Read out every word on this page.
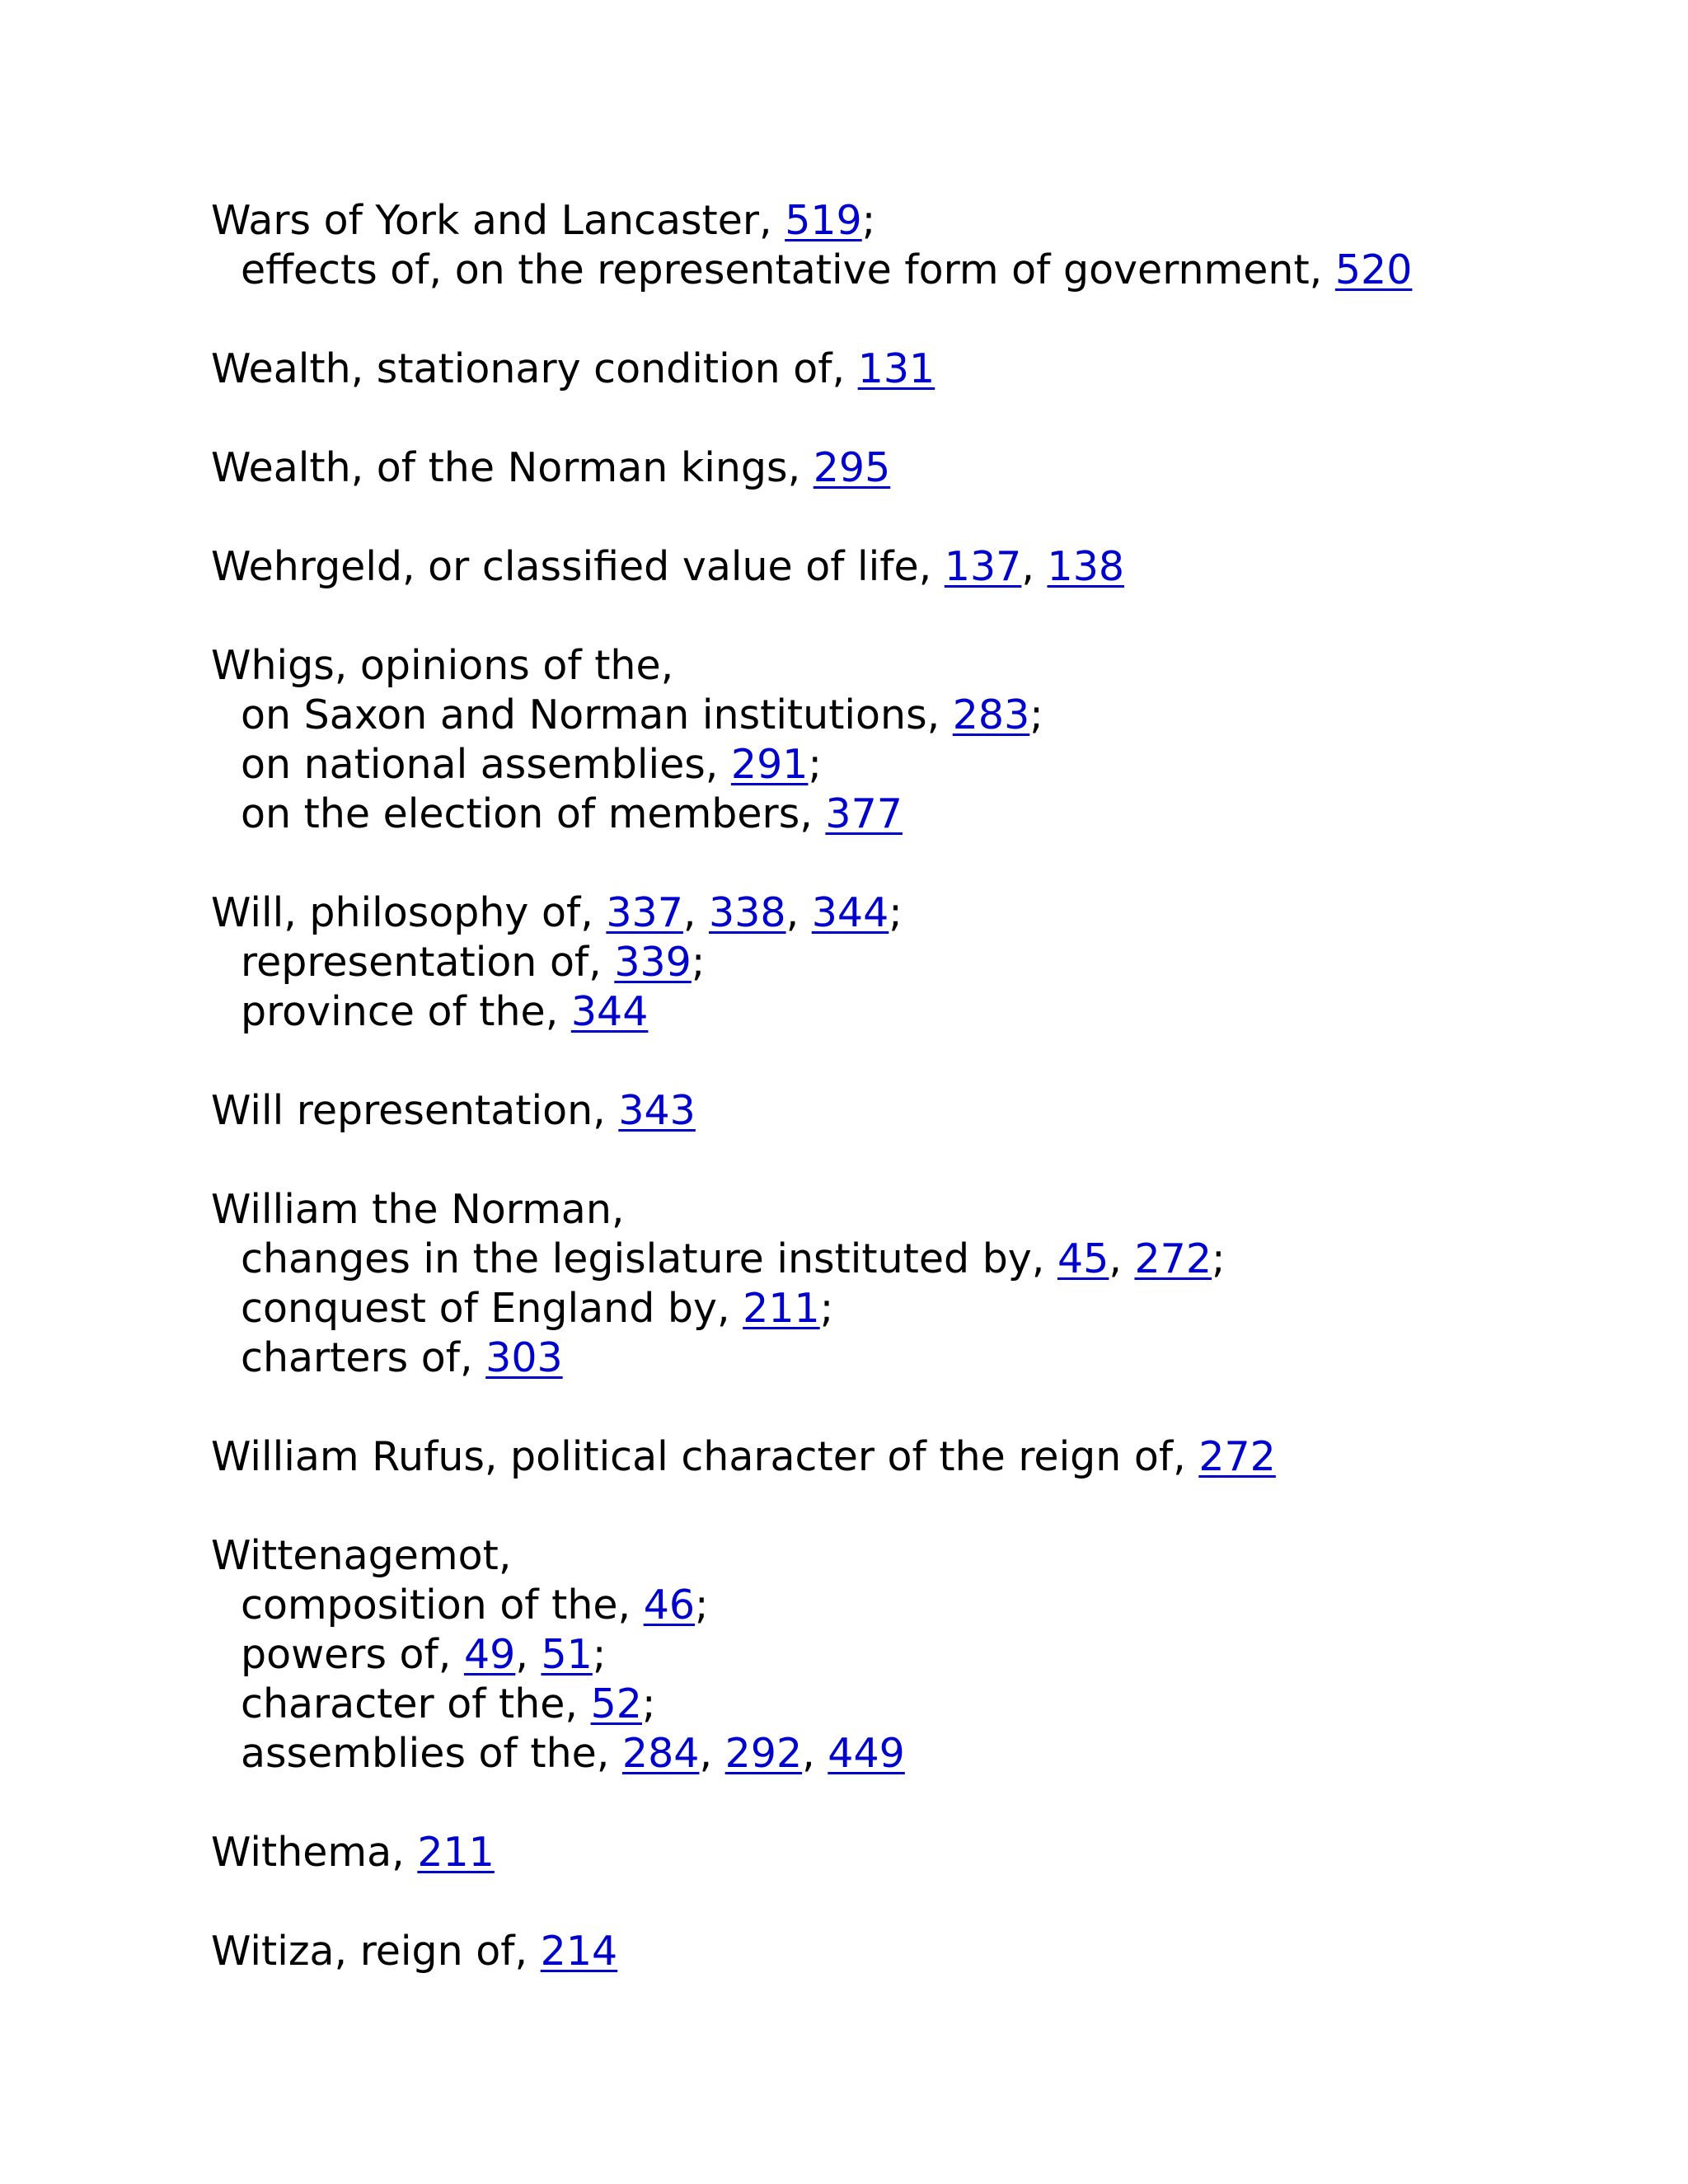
Wars of York and Lancaster, 519;
effects of, on the representative form of government, 520
Wealth, stationary condition of, 131
Wealth, of the Norman kings, 295
Wehrgeld, or classified value of life, 137, 138
Whigs, opinions of the,
on Saxon and Norman institutions, 283;
on national assemblies, 291;
on the election of members, 377
Will, philosophy of, 337, 338, 344;
representation of, 339;
province of the, 344
Will representation, 343
William the Norman,
changes in the legislature instituted by, 45, 272;
conquest of England by, 211;
charters of, 303
William Rufus, political character of the reign of, 272
Wittenagemot,
composition of the, 46;
powers of, 49, 51;
character of the, 52;
assemblies of the, 284, 292, 449
Withema, 211
Witiza, reign of, 214
